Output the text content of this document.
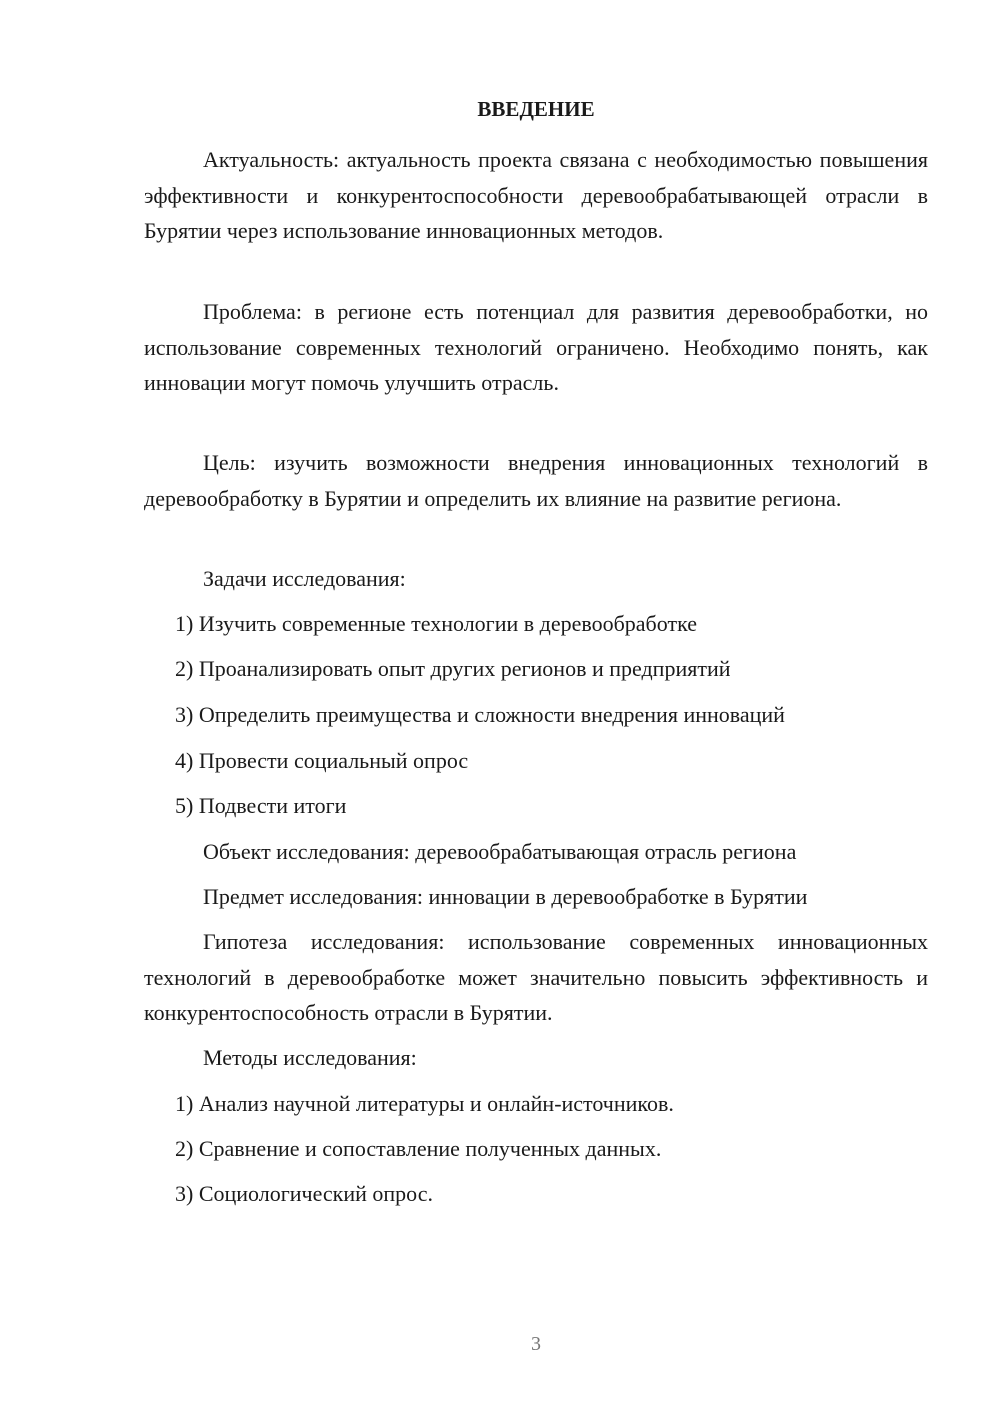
ВВЕДЕНИЕ

Актуальность: актуальность проекта связана с необходимостью повышения эффективности и конкурентоспособности деревообрабатывающей отрасли в Бурятии через использование инновационных методов.

Проблема: в регионе есть потенциал для развития деревообработки, но использование современных технологий ограничено. Необходимо понять, как инновации могут помочь улучшить отрасль.

Цель: изучить возможности внедрения инновационных технологий в деревообработку в Бурятии и определить их влияние на развитие региона.

Задачи исследования:
1) Изучить современные технологии в деревообработке
2) Проанализировать опыт других регионов и предприятий
3) Определить преимущества и сложности внедрения инноваций
4) Провести социальный опрос
5) Подвести итоги
Объект исследования: деревообрабатывающая отрасль региона
Предмет исследования: инновации в деревообработке в Бурятии

Гипотеза исследования: использование современных инновационных технологий в деревообработке может значительно повысить эффективность и конкурентоспособность отрасли в Бурятии.

Методы исследования:
1) Анализ научной литературы и онлайн-источников.
2) Сравнение и сопоставление полученных данных.
3) Социологический опрос.
3
